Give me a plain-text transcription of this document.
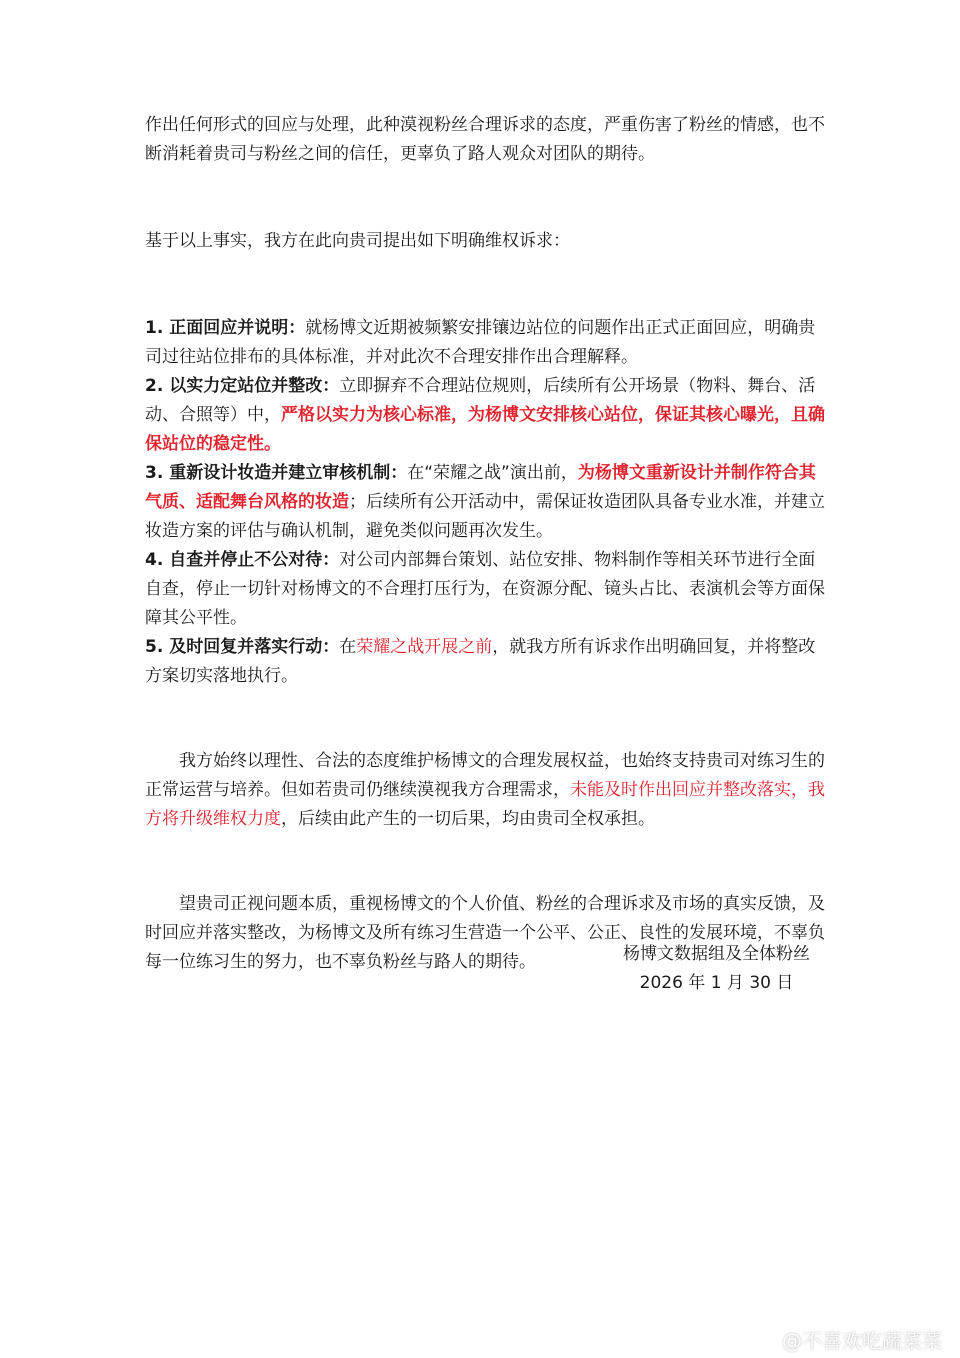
作出任何形式的回应与处理，此种漠视粉丝合理诉求的态度，严重伤害了粉丝的情感，也不断消耗着贵司与粉丝之间的信任，更辜负了路人观众对团队的期待。

基于以上事实，我方在此向贵司提出如下明确维权诉求：

1. 正面回应并说明：就杨博文近期被频繁安排镶边站位的问题作出正式正面回应，明确贵司过往站位排布的具体标准，并对此次不合理安排作出合理解释。

2. 以实力定站位并整改：立即摒弃不合理站位规则，后续所有公开场景（物料、舞台、活动、合照等）中，严格以实力为核心标准，为杨博文安排核心站位，保证其核心曝光，且确保站位的稳定性。

3. 重新设计妆造并建立审核机制：在“荣耀之战”演出前，为杨博文重新设计并制作符合其气质、适配舞台风格的妆造；后续所有公开活动中，需保证妆造团队具备专业水准，并建立妆造方案的评估与确认机制，避免类似问题再次发生。

4. 自查并停止不公对待：对公司内部舞台策划、站位安排、物料制作等相关环节进行全面自查，停止一切针对杨博文的不合理打压行为，在资源分配、镜头占比、表演机会等方面保障其公平性。

5. 及时回复并落实行动：在荣耀之战开展之前，就我方所有诉求作出明确回复，并将整改方案切实落地执行。

我方始终以理性、合法的态度维护杨博文的合理发展权益，也始终支持贵司对练习生的正常运营与培养。但如若贵司仍继续漠视我方合理需求，未能及时作出回应并整改落实，我方将升级维权力度，后续由此产生的一切后果，均由贵司全权承担。

望贵司正视问题本质，重视杨博文的个人价值、粉丝的合理诉求及市场的真实反馈，及时回应并落实整改，为杨博文及所有练习生营造一个公平、公正、良性的发展环境，不辜负每一位练习生的努力，也不辜负粉丝与路人的期待。	杨博文数据组及全体粉丝
2026 年 1 月 30 日
@不喜欢吃蔬菜菜
